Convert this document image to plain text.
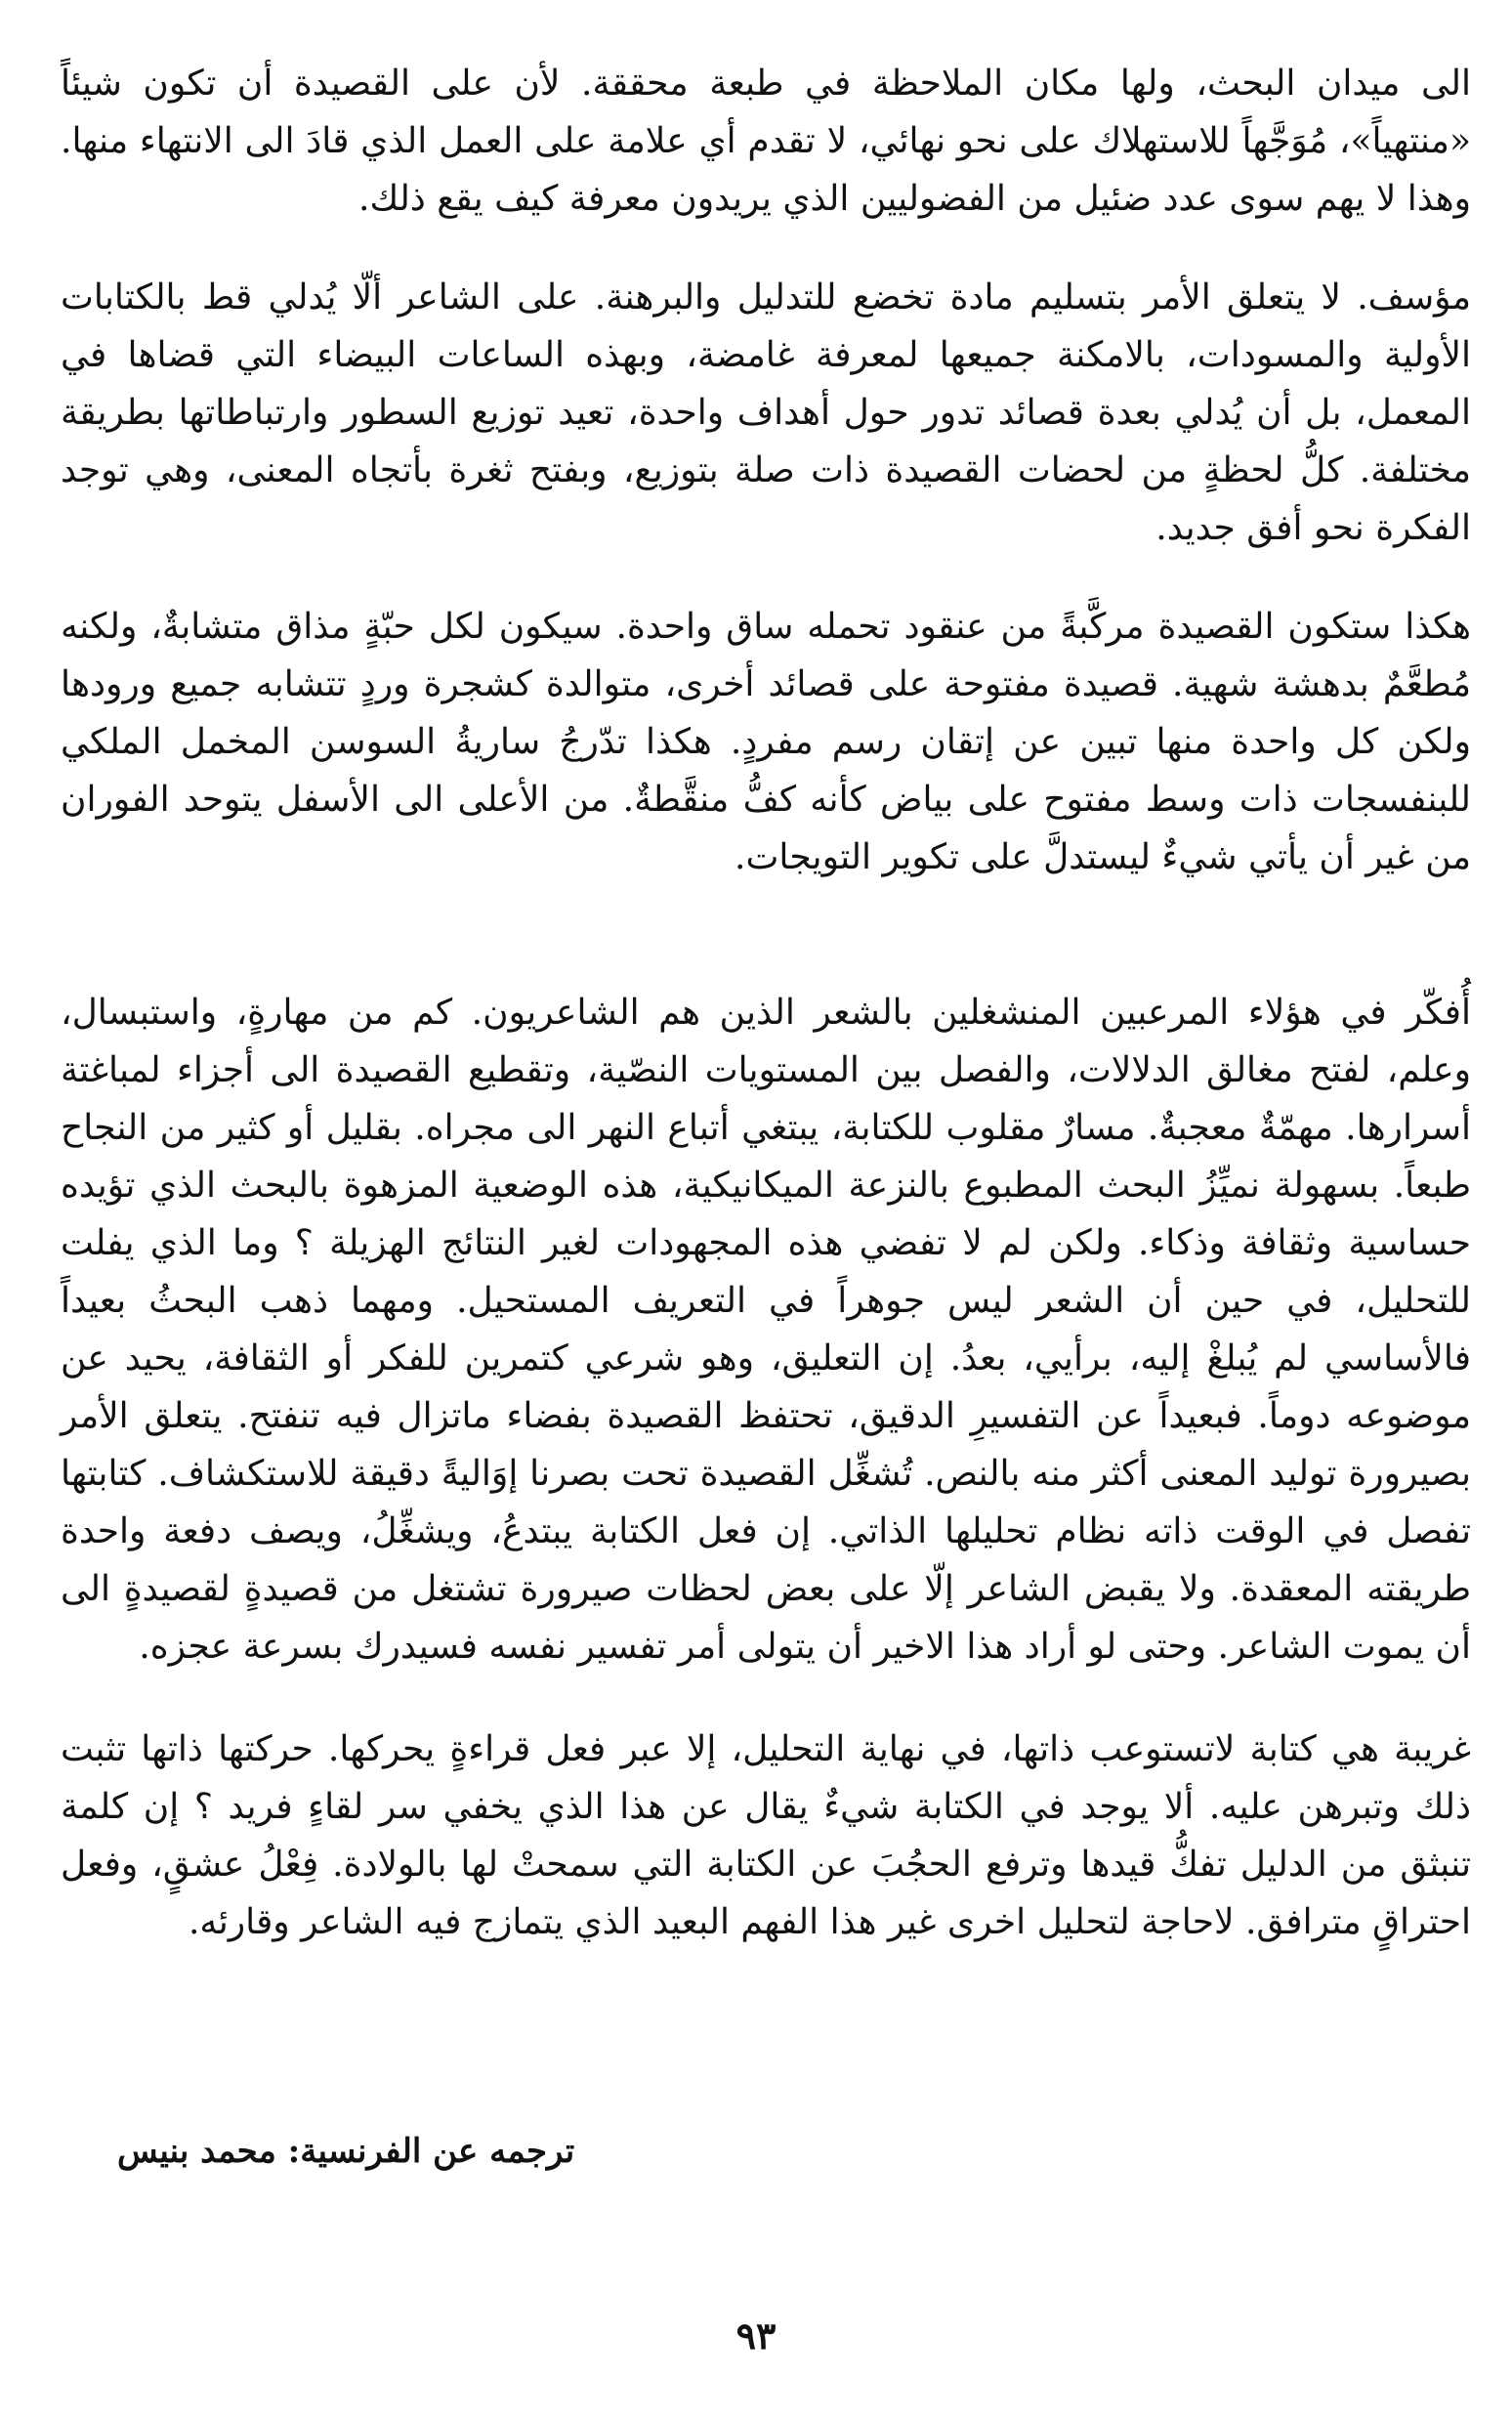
الى ميدان البحث، ولها مكان الملاحظة في طبعة محققة. لأن على القصيدة أن تكون شيئاً «منتهياً»، مُوَجَّهاً للاستهلاك على نحو نهائي، لا تقدم أي علامة على العمل الذي قادَ الى الانتهاء منها. وهذا لا يهم سوى عدد ضئيل من الفضوليين الذي يريدون معرفة كيف يقع ذلك.

مؤسف. لا يتعلق الأمر بتسليم مادة تخضع للتدليل والبرهنة. على الشاعر ألّا يُدلي قط بالكتابات الأولية والمسودات، بالامكنة جميعها لمعرفة غامضة، وبهذه الساعات البيضاء التي قضاها في المعمل، بل أن يُدلي بعدة قصائد تدور حول أهداف واحدة، تعيد توزيع السطور وارتباطاتها بطريقة مختلفة. كلُّ لحظةٍ من لحضات القصيدة ذات صلة بتوزيع، وبفتح ثغرة بأتجاه المعنى، وهي توجد الفكرة نحو أفق جديد.

هكذا ستكون القصيدة مركَّبةً من عنقود تحمله ساق واحدة. سيكون لكل حبّةٍ مذاق متشابةٌ، ولكنه مُطعَّمٌ بدهشة شهية. قصيدة مفتوحة على قصائد أخرى، متوالدة كشجرة وردٍ تتشابه جميع ورودها ولكن كل واحدة منها تبين عن إتقان رسم مفردٍ. هكذا تدّرجُ ساريةُ السوسن المخمل الملكي للبنفسجات ذات وسط مفتوح على بياض كأنه كفُّ منقَّطةٌ. من الأعلى الى الأسفل يتوحد الفوران من غير أن يأتي شيءٌ ليستدلَّ على تكوير التويجات.

أُفكّر في هؤلاء المرعبين المنشغلين بالشعر الذين هم الشاعريون. كم من مهارةٍ، واستبسال، وعلم، لفتح مغالق الدلالات، والفصل بين المستويات النصّية، وتقطيع القصيدة الى أجزاء لمباغتة أسرارها. مهمّةٌ معجبةٌ. مسارٌ مقلوب للكتابة، يبتغي أتباع النهر الى مجراه. بقليل أو كثير من النجاح طبعاً. بسهولة نميِّزُ البحث المطبوع بالنزعة الميكانيكية، هذه الوضعية المزهوة بالبحث الذي تؤيده حساسية وثقافة وذكاء. ولكن لم لا تفضي هذه المجهودات لغير النتائج الهزيلة ؟ وما الذي يفلت للتحليل، في حين أن الشعر ليس جوهراً في التعريف المستحيل. ومهما ذهب البحثُ بعيداً فالأساسي لم يُبلغْ إليه، برأيي، بعدُ. إن التعليق، وهو شرعي كتمرين للفكر أو الثقافة، يحيد عن موضوعه دوماً. فبعيداً عن التفسيرِ الدقيق، تحتفظ القصيدة بفضاء ماتزال فيه تنفتح. يتعلق الأمر بصيرورة توليد المعنى أكثر منه بالنص. تُشغِّل القصيدة تحت بصرنا إوَاليةً دقيقة للاستكشاف. كتابتها تفصل في الوقت ذاته نظام تحليلها الذاتي. إن فعل الكتابة يبتدعُ، ويشغِّلُ، ويصف دفعة واحدة طريقته المعقدة. ولا يقبض الشاعر إلّا على بعض لحظات صيرورة تشتغل من قصيدةٍ لقصيدةٍ الى أن يموت الشاعر. وحتى لو أراد هذا الاخير أن يتولى أمر تفسير نفسه فسيدرك بسرعة عجزه.

غريبة هي كتابة لاتستوعب ذاتها، في نهاية التحليل، إلا عبر فعل قراءةٍ يحركها. حركتها ذاتها تثبت ذلك وتبرهن عليه. ألا يوجد في الكتابة شيءٌ يقال عن هذا الذي يخفي سر لقاءٍ فريد ؟ إن كلمة تنبثق من الدليل تفكُّ قيدها وترفع الحجُبَ عن الكتابة التي سمحتْ لها بالولادة. فِعْلُ عشقٍ، وفعل احتراقٍ مترافق. لاحاجة لتحليل اخرى غير هذا الفهم البعيد الذي يتمازج فيه الشاعر وقارئه.

ترجمه عن الفرنسية: محمد بنيس
٩٣
